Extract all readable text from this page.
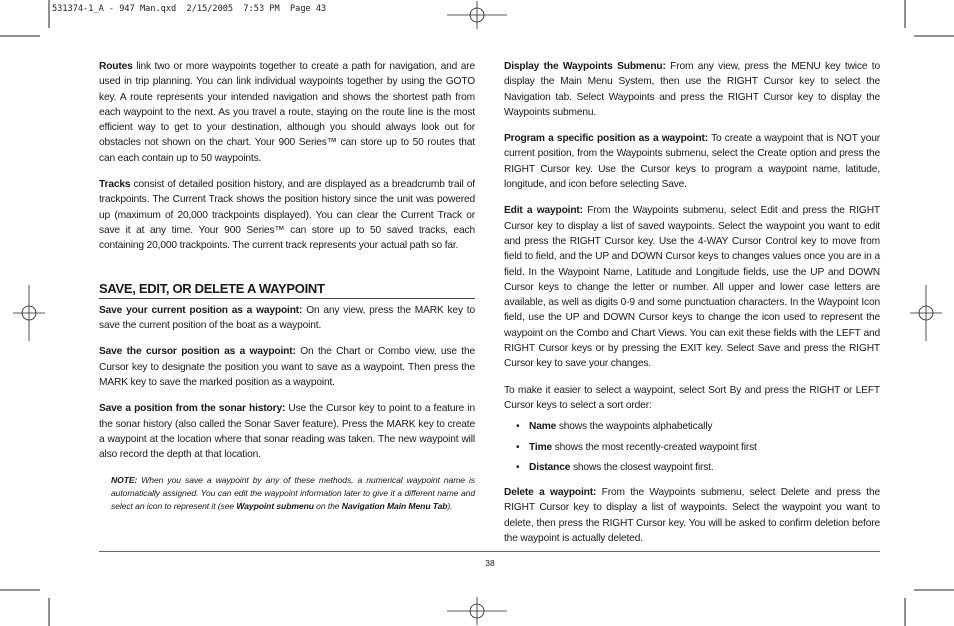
531374-1_A - 947 Man.qxd  2/15/2005  7:53 PM  Page 43

Routes link two or more waypoints together to create a path for navigation, and are used in trip planning. You can link individual waypoints together by using the GOTO key. A route represents your intended navigation and shows the shortest path from each waypoint to the next. As you travel a route, staying on the route line is the most efficient way to get to your destination, although you should always look out for obstacles not shown on the chart. Your 900 Series™ can store up to 50 routes that can each contain up to 50 waypoints.

Tracks consist of detailed position history, and are displayed as a breadcrumb trail of trackpoints. The Current Track shows the position history since the unit was powered up (maximum of 20,000 trackpoints displayed). You can clear the Current Track or save it at any time. Your 900 Series™ can store up to 50 saved tracks, each containing 20,000 trackpoints. The current track represents your actual path so far.

SAVE, EDIT, OR DELETE A WAYPOINT

Save your current position as a waypoint: On any view, press the MARK key to save the current position of the boat as a waypoint.

Save the cursor position as a waypoint: On the Chart or Combo view, use the Cursor key to designate the position you want to save as a waypoint. Then press the MARK key to save the marked position as a waypoint.

Save a position from the sonar history: Use the Cursor key to point to a feature in the sonar history (also called the Sonar Saver feature). Press the MARK key to create a waypoint at the location where that sonar reading was taken. The new waypoint will also record the depth at that location.

NOTE: When you save a waypoint by any of these methods, a numerical waypoint name is automatically assigned. You can edit the waypoint information later to give it a different name and select an icon to represent it (see Waypoint submenu on the Navigation Main Menu Tab).

Display the Waypoints Submenu: From any view, press the MENU key twice to display the Main Menu System, then use the RIGHT Cursor key to select the Navigation tab. Select Waypoints and press the RIGHT Cursor key to display the Waypoints submenu.

Program a specific position as a waypoint: To create a waypoint that is NOT your current position, from the Waypoints submenu, select the Create option and press the RIGHT Cursor key. Use the Cursor keys to program a waypoint name, latitude, longitude, and icon before selecting Save.

Edit a waypoint: From the Waypoints submenu, select Edit and press the RIGHT Cursor key to display a list of saved waypoints. Select the waypoint you want to edit and press the RIGHT Cursor key. Use the 4-WAY Cursor Control key to move from field to field, and the UP and DOWN Cursor keys to changes values once you are in a field. In the Waypoint Name, Latitude and Longitude fields, use the UP and DOWN Cursor keys to change the letter or number. All upper and lower case letters are available, as well as digits 0-9 and some punctuation characters. In the Waypoint Icon field, use the UP and DOWN Cursor keys to change the icon used to represent the waypoint on the Combo and Chart Views. You can exit these fields with the LEFT and RIGHT Cursor keys or by pressing the EXIT key. Select Save and press the RIGHT Cursor key to save your changes.

To make it easier to select a waypoint, select Sort By and press the RIGHT or LEFT Cursor keys to select a sort order:

• Name shows the waypoints alphabetically
• Time shows the most recently-created waypoint first
• Distance shows the closest waypoint first.

Delete a waypoint: From the Waypoints submenu, select Delete and press the RIGHT Cursor key to display a list of waypoints. Select the waypoint you want to delete, then press the RIGHT Cursor key. You will be asked to confirm deletion before the waypoint is actually deleted.

38
